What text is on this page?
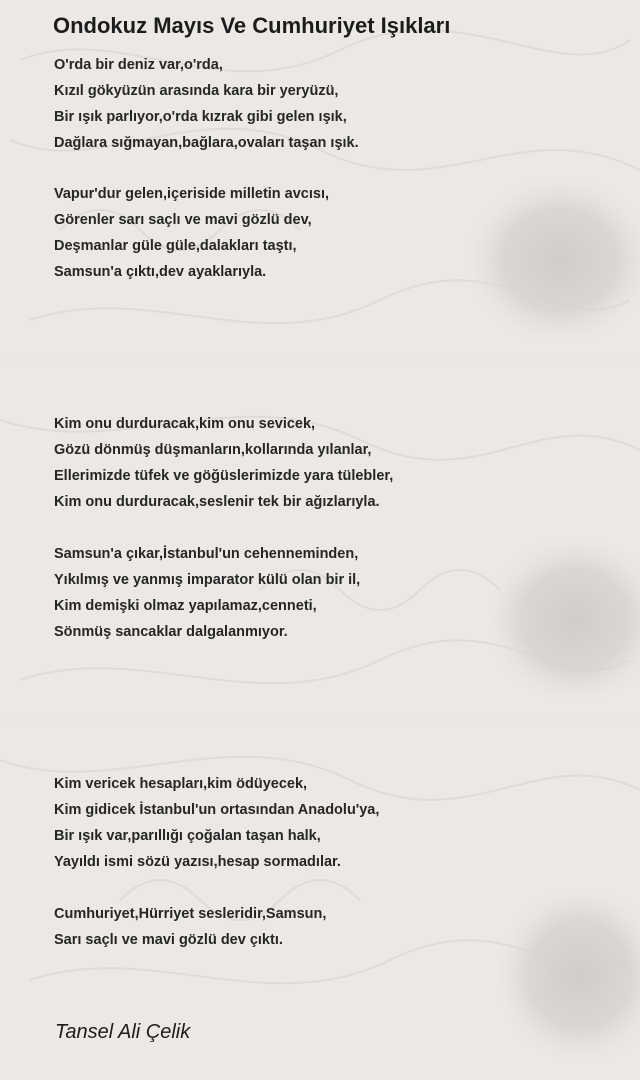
Ondokuz Mayıs Ve Cumhuriyet Işıkları

O'rda bir deniz var,o'rda,
Kızıl gökyüzün arasında kara bir yeryüzü,
Bir ışık parlıyor,o'rda kızrak gibi gelen ışık,
Dağlara sığmayan,bağlara,ovaları taşan ışık.

Vapur'dur gelen,içeriside milletin avcısı,
Görenler sarı saçlı ve mavi gözlü dev,
Deşmanlar güle güle,dalakları taştı,
Samsun'a çıktı,dev ayaklarıyla.

Kim onu durduracak,kim onu sevicek,
Gözü dönmüş düşmanların,kollarında yılanlar,
Ellerimizde tüfek ve göğüslerimizde yara tülebler,
Kim onu durduracak,seslenir tek bir ağızlarıyla.

Samsun'a çıkar,İstanbul'un cehenneminden,
Yıkılmış ve yanmış imparator külü olan bir il,
Kim demişki olmaz yapılamaz,cenneti,
Sönmüş sancaklar dalgalanmıyor.

Kim vericek hesapları,kim ödüyecek,
Kim gidicek İstanbul'un ortasından Anadolu'ya,
Bir ışık var,parıllığı çoğalan taşan halk,
Yayıldı ismi sözü yazısı,hesap sormadılar.

Cumhuriyet,Hürriyet sesleridir,Samsun,
Sarı saçlı ve mavi gözlü dev çıktı.

Tansel Ali Çelik
